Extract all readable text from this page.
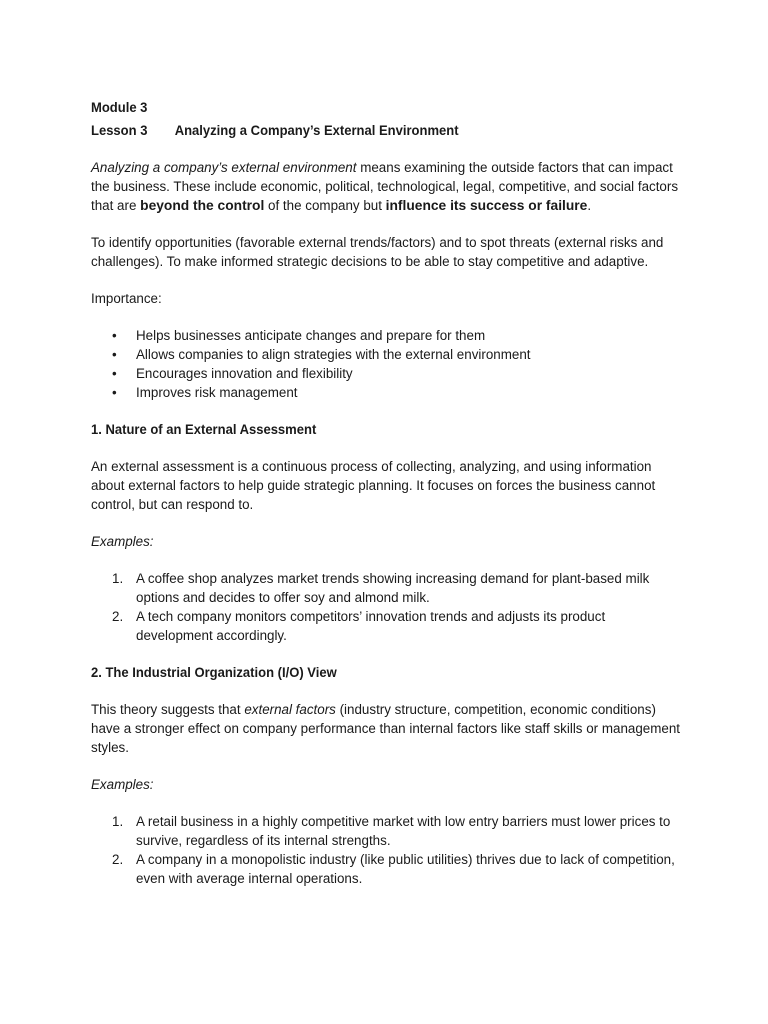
Module 3
Lesson 3 Analyzing a Company’s External Environment

Analyzing a company’s external environment means examining the outside factors that can impact the business. These include economic, political, technological, legal, competitive, and social factors that are beyond the control of the company but influence its success or failure.

To identify opportunities (favorable external trends/factors) and to spot threats (external risks and challenges). To make informed strategic decisions to be able to stay competitive and adaptive.

Importance:

• Helps businesses anticipate changes and prepare for them
• Allows companies to align strategies with the external environment
• Encourages innovation and flexibility
• Improves risk management
1. Nature of an External Assessment

An external assessment is a continuous process of collecting, analyzing, and using information about external factors to help guide strategic planning. It focuses on forces the business cannot control, but can respond to.

Examples:

1. A coffee shop analyzes market trends showing increasing demand for plant-based milk options and decides to offer soy and almond milk.
2. A tech company monitors competitors’ innovation trends and adjusts its product development accordingly.
2. The Industrial Organization (I/O) View

This theory suggests that external factors (industry structure, competition, economic conditions) have a stronger effect on company performance than internal factors like staff skills or management styles.

Examples:

1. A retail business in a highly competitive market with low entry barriers must lower prices to survive, regardless of its internal strengths.
2. A company in a monopolistic industry (like public utilities) thrives due to lack of competition, even with average internal operations.
